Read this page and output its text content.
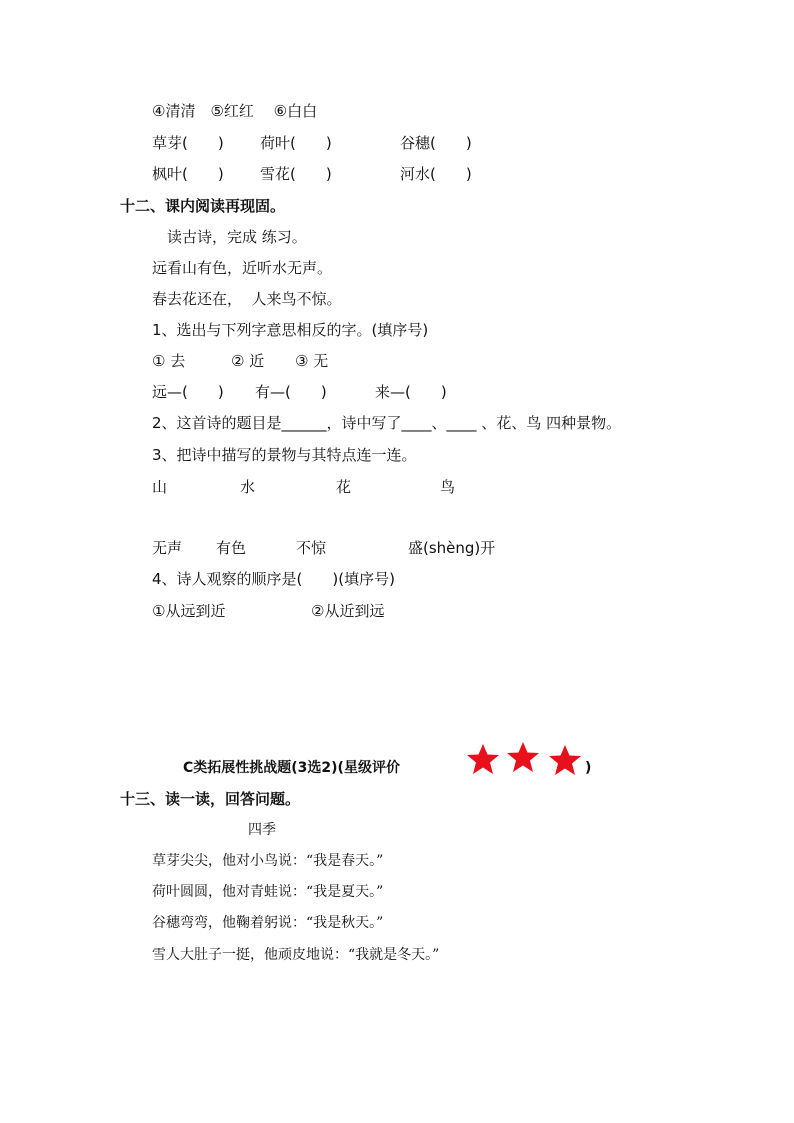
④清清　⑤红红　 ⑥白白
草芽(　　) 荷叶(　　)	谷穗(　　)
枫叶(　　) 雪花(　　)	河水(　　)
十二、课内阅读再现固。
读古诗，完成 练习。
远看山有色，近听水无声。
春去花还在，  人来鸟不惊。
1、选出与下列字意思相反的字。(填序号)
① 去	② 近 ③ 无
远—(　　) 有—(　　)	来—(　　)
2、这首诗的题目是______，诗中写了____、____ 、花、鸟 四种景物。
3、把诗中描写的景物与其特点连一连。
山	水	花	鸟
无声 有色	不惊	盛(shèng)开
4、诗人观察的顺序是(　　)(填序号)
①从远到近	②从近到远
C类拓展性挑战题(3选2)(星级评价	)
十三、读一读，回答问题。
四季
草芽尖尖，他对小鸟说：“我是春天。”
荷叶圆圆，他对青蛙说：“我是夏天。”
谷穗弯弯，他鞠着躬说：“我是秋天。”
雪人大肚子一挺，他顽皮地说：“我就是冬天。”
